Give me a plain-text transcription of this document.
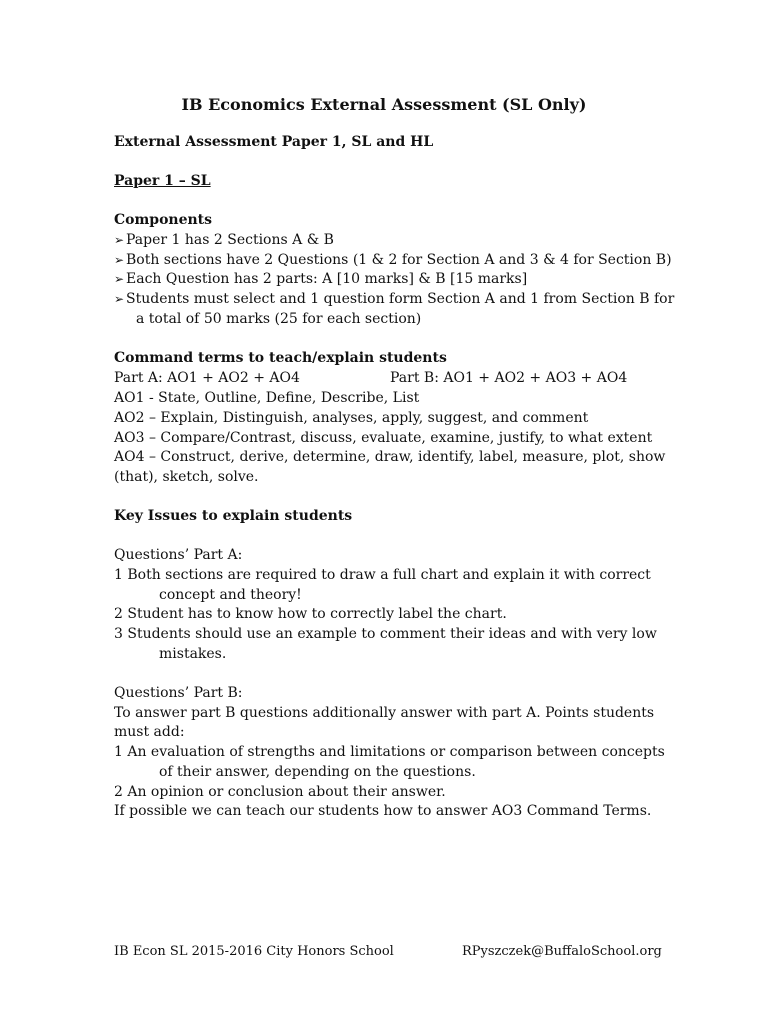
IB Economics External Assessment (SL Only)

External Assessment Paper 1, SL and HL

Paper 1 – SL

Components

➢ Paper 1 has 2 Sections A & B

➢ Both sections have 2 Questions (1 & 2 for Section A and 3 & 4 for Section B)

➢ Each Question has 2 parts: A [10 marks] & B [15 marks]

➢ Students must select and 1 question form Section A and 1 from Section B for

a total of 50 marks (25 for each section)

Command terms to teach/explain students

Part A: AO1 + AO2 + AO4	Part B: AO1 + AO2 + AO3 + AO4

AO1 - State, Outline, Define, Describe, List

AO2 – Explain, Distinguish, analyses, apply, suggest, and comment

AO3 – Compare/Contrast, discuss, evaluate, examine, justify, to what extent

AO4 – Construct, derive, determine, draw, identify, label, measure, plot, show

(that), sketch, solve.

Key Issues to explain students

Questions’ Part A:

1 Both sections are required to draw a full chart and explain it with correct

concept and theory!

2 Student has to know how to correctly label the chart.

3 Students should use an example to comment their ideas and with very low

mistakes.

Questions’ Part B:

To answer part B questions additionally answer with part A. Points students

must add:

1 An evaluation of strengths and limitations or comparison between concepts

of their answer, depending on the questions.

2 An opinion or conclusion about their answer.

If possible we can teach our students how to answer AO3 Command Terms.

IB Econ SL 2015-2016 City Honors School	RPyszczek@BuffaloSchool.org
